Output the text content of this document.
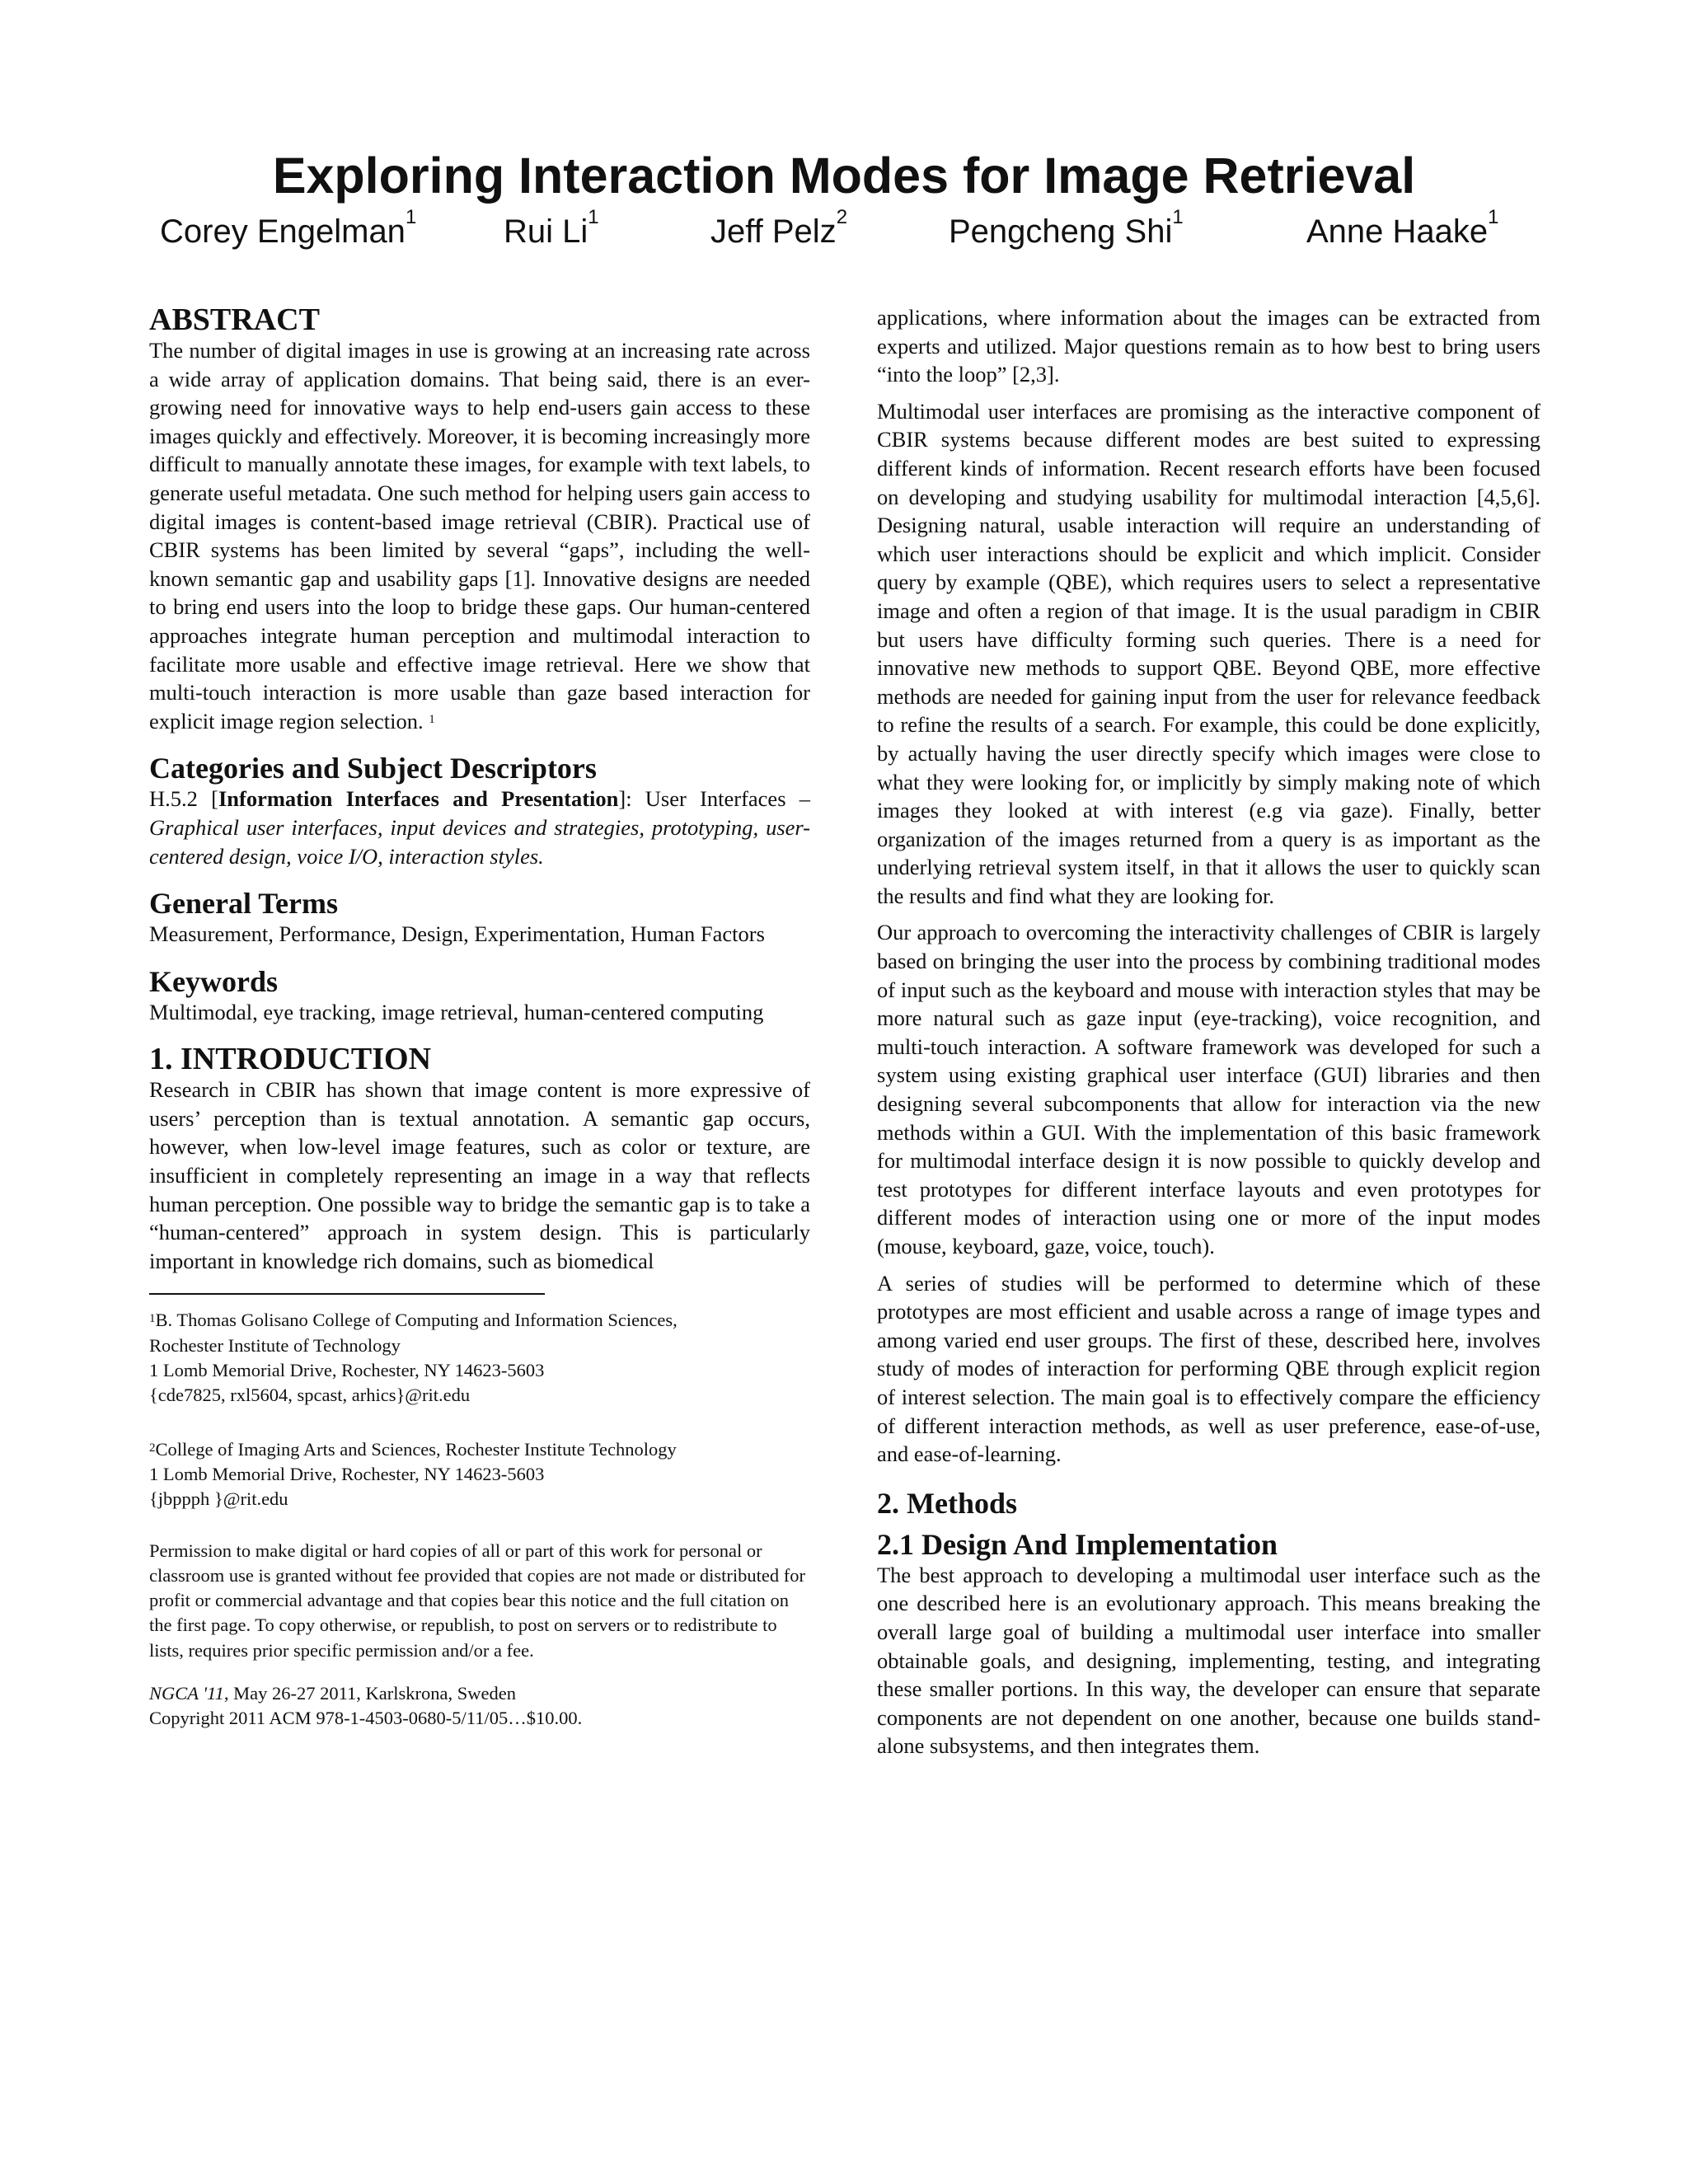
Exploring Interaction Modes for Image Retrieval
Corey Engelman$^1$	Rui Li$^1$	Jeff Pelz$^2$	Pengcheng Shi$^1$	Anne Haake$^1$
ABSTRACT

The number of digital images in use is growing at an increasing rate across a wide array of application domains. That being said, there is an ever-growing need for innovative ways to help end-users gain access to these images quickly and effectively. Moreover, it is becoming increasingly more difficult to manually annotate these images, for example with text labels, to generate useful metadata. One such method for helping users gain access to digital images is content-based image retrieval (CBIR). Practical use of CBIR systems has been limited by several “gaps”, including the well-known semantic gap and usability gaps [1]. Innovative designs are needed to bring end users into the loop to bridge these gaps. Our human-centered approaches integrate human perception and multimodal interaction to facilitate more usable and effective image retrieval. Here we show that multi-touch interaction is more usable than gaze based interaction for explicit image region selection. $^1$

Categories and Subject Descriptors

H.5.2 [Information Interfaces and Presentation]: User Interfaces – Graphical user interfaces, input devices and strategies, prototyping, user-centered design, voice I/O, interaction styles.

General Terms

Measurement, Performance, Design, Experimentation, Human Factors

Keywords

Multimodal, eye tracking, image retrieval, human-centered computing

1. INTRODUCTION

Research in CBIR has shown that image content is more expressive of users’ perception than is textual annotation. A semantic gap occurs, however, when low-level image features, such as color or texture, are insufficient in completely representing an image in a way that reflects human perception. One possible way to bridge the semantic gap is to take a “human-centered” approach in system design. This is particularly important in knowledge rich domains, such as biomedical

$^1$B. Thomas Golisano College of Computing and Information Sciences,

Rochester Institute of Technology

1 Lomb Memorial Drive, Rochester, NY 14623-5603

{cde7825, rxl5604, spcast, arhics}@rit.edu

$^2$College of Imaging Arts and Sciences, Rochester Institute Technology

1 Lomb Memorial Drive, Rochester, NY 14623-5603

{jbppph }@rit.edu

Permission to make digital or hard copies of all or part of this work for personal or classroom use is granted without fee provided that copies are not made or distributed for profit or commercial advantage and that copies bear this notice and the full citation on the first page. To copy otherwise, or republish, to post on servers or to redistribute to lists, requires prior specific permission and/or a fee.

NGCA '11, May 26-27 2011, Karlskrona, Sweden

Copyright 2011 ACM 978-1-4503-0680-5/11/05…$10.00.

applications, where information about the images can be extracted from experts and utilized. Major questions remain as to how best to bring users “into the loop” [2,3].

Multimodal user interfaces are promising as the interactive component of CBIR systems because different modes are best suited to expressing different kinds of information. Recent research efforts have been focused on developing and studying usability for multimodal interaction [4,5,6]. Designing natural, usable interaction will require an understanding of which user interactions should be explicit and which implicit. Consider query by example (QBE), which requires users to select a representative image and often a region of that image. It is the usual paradigm in CBIR but users have difficulty forming such queries. There is a need for innovative new methods to support QBE. Beyond QBE, more effective methods are needed for gaining input from the user for relevance feedback to refine the results of a search. For example, this could be done explicitly, by actually having the user directly specify which images were close to what they were looking for, or implicitly by simply making note of which images they looked at with interest (e.g via gaze). Finally, better organization of the images returned from a query is as important as the underlying retrieval system itself, in that it allows the user to quickly scan the results and find what they are looking for.

Our approach to overcoming the interactivity challenges of CBIR is largely based on bringing the user into the process by combining traditional modes of input such as the keyboard and mouse with interaction styles that may be more natural such as gaze input (eye-tracking), voice recognition, and multi-touch interaction. A software framework was developed for such a system using existing graphical user interface (GUI) libraries and then designing several subcomponents that allow for interaction via the new methods within a GUI. With the implementation of this basic framework for multimodal interface design it is now possible to quickly develop and test prototypes for different interface layouts and even prototypes for different modes of interaction using one or more of the input modes (mouse, keyboard, gaze, voice, touch).

A series of studies will be performed to determine which of these prototypes are most efficient and usable across a range of image types and among varied end user groups. The first of these, described here, involves study of modes of interaction for performing QBE through explicit region of interest selection. The main goal is to effectively compare the efficiency of different interaction methods, as well as user preference, ease-of-use, and ease-of-learning.

2. Methods
2.1 Design And Implementation

The best approach to developing a multimodal user interface such as the one described here is an evolutionary approach. This means breaking the overall large goal of building a multimodal user interface into smaller obtainable goals, and designing, implementing, testing, and integrating these smaller portions. In this way, the developer can ensure that separate components are not dependent on one another, because one builds stand-alone subsystems, and then integrates them.
